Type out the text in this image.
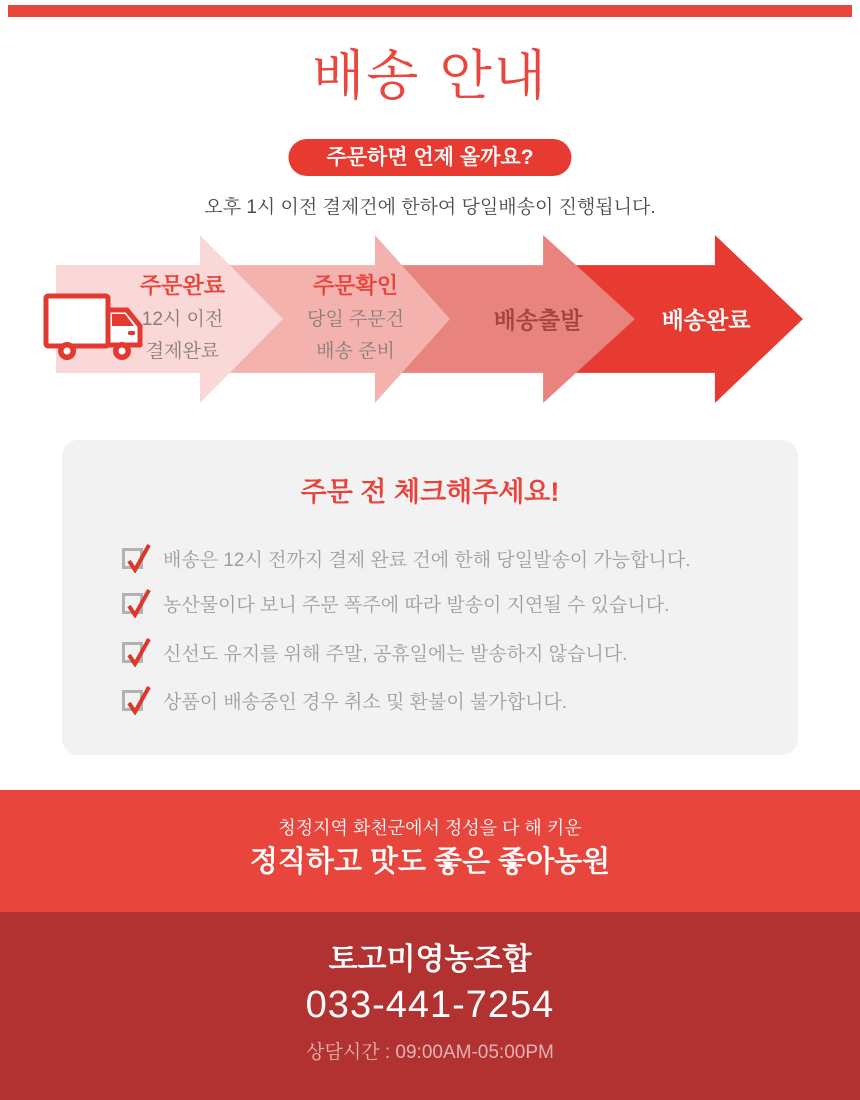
배송 안내
주문하면 언제 올까요?
오후 1시 이전 결제건에 한하여 당일배송이 진행됩니다.
주문완료
12시 이전
결제완료
주문확인
당일 주문건
배송 준비
배송출발	배송완료
주문 전 체크해주세요!
배송은 12시 전까지 결제 완료 건에 한해 당일발송이 가능합니다.
농산물이다 보니 주문 폭주에 따라 발송이 지연될 수 있습니다.
신선도 유지를 위해 주말, 공휴일에는 발송하지 않습니다.
상품이 배송중인 경우 취소 및 환불이 불가합니다.
청정지역 화천군에서 정성을 다 해 키운
정직하고 맛도 좋은 좋아농원
토고미영농조합
033-441-7254
상담시간 : 09:00AM-05:00PM
